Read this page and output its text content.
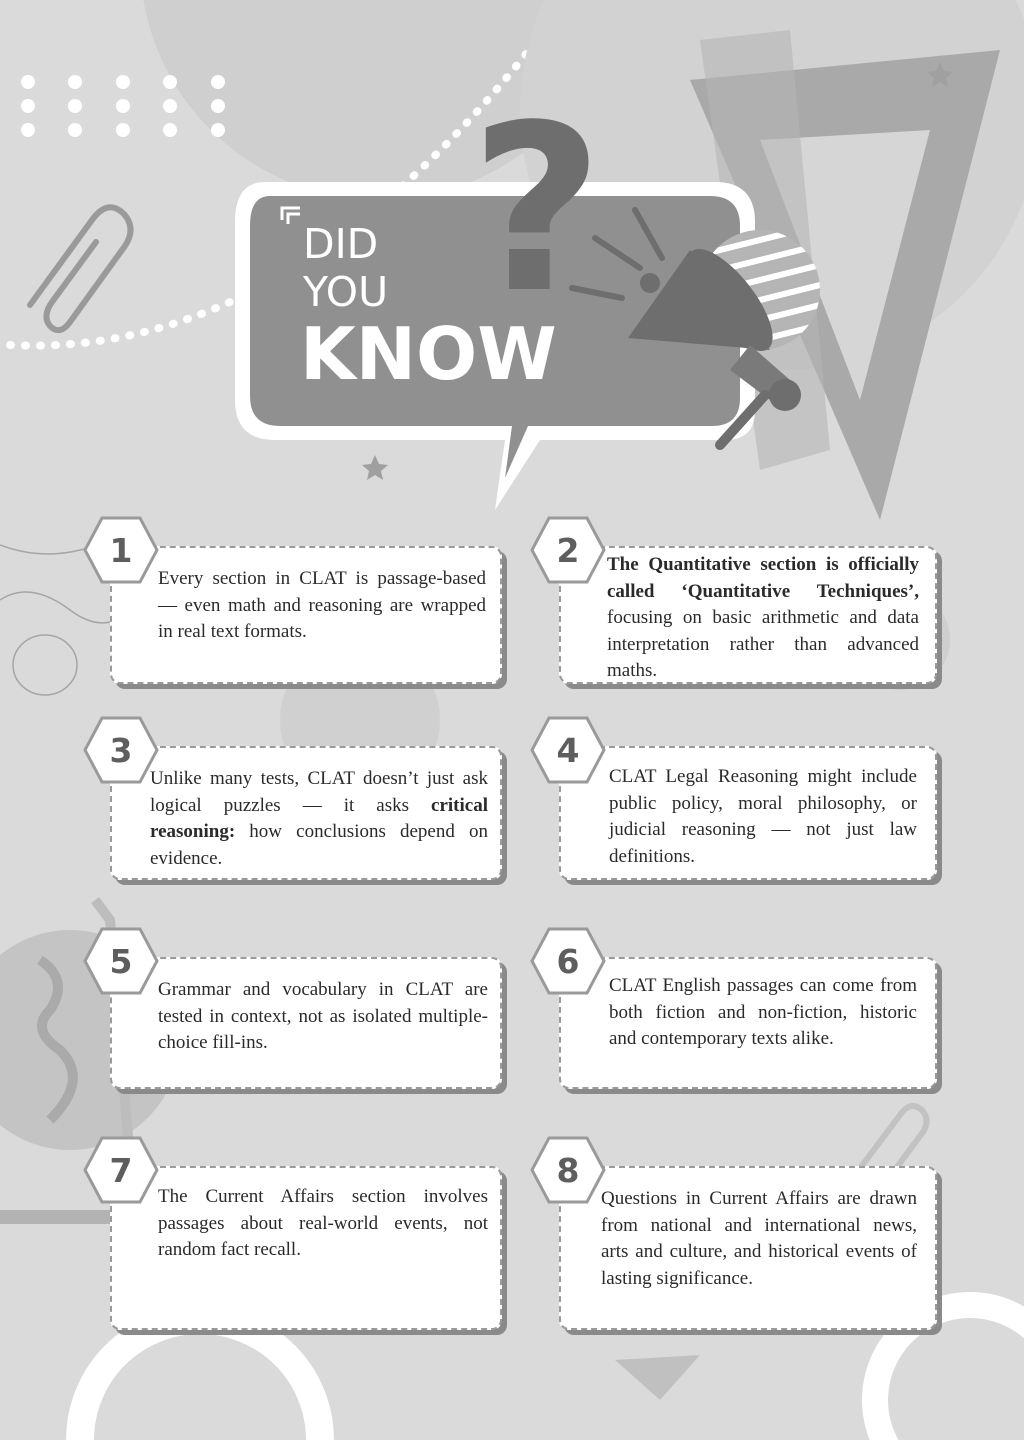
DID
YOU
KNOW
?

Every section in CLAT is passage-based — even math and reasoning are wrapped in real text formats.

1	The Quantitative section is officially called ‘Quantitative Techniques’, focusing on basic arithmetic and data interpretation rather than advanced maths.

2

Unlike many tests, CLAT doesn’t just ask logical puzzles — it asks critical reasoning: how conclusions depend on evidence.

3

CLAT Legal Reasoning might include public policy, moral philosophy, or judicial reasoning — not just law definitions.

4

Grammar and vocabulary in CLAT are tested in context, not as isolated multiple-choice fill-ins.

5

CLAT English passages can come from both fiction and non-fiction, historic and contemporary texts alike.

6

The Current Affairs section involves passages about real-world events, not random fact recall.

7

Questions in Current Affairs are drawn from national and international news, arts and culture, and historical events of lasting significance.

8
